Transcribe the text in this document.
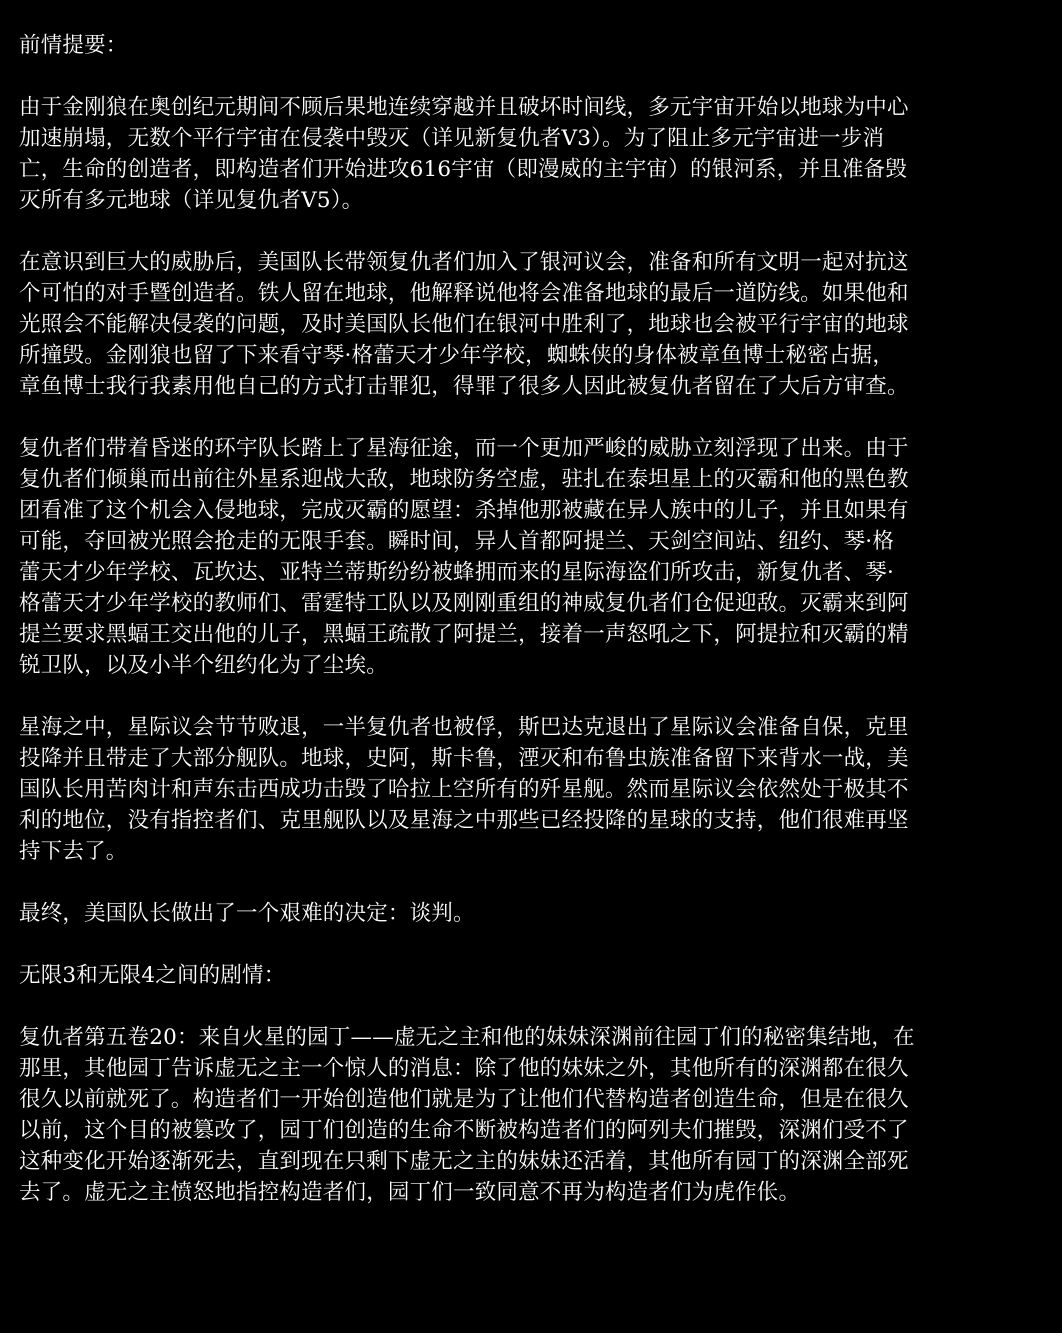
前情提要：
由于金刚狼在奥创纪元期间不顾后果地连续穿越并且破坏时间线，多元宇宙开始以地球为中心
加速崩塌，无数个平行宇宙在侵袭中毁灭（详见新复仇者V3）。为了阻止多元宇宙进一步消
亡，生命的创造者，即构造者们开始进攻616宇宙（即漫威的主宇宙）的银河系，并且准备毁
灭所有多元地球（详见复仇者V5）。
在意识到巨大的威胁后，美国队长带领复仇者们加入了银河议会，准备和所有文明一起对抗这
个可怕的对手暨创造者。铁人留在地球，他解释说他将会准备地球的最后一道防线。如果他和
光照会不能解决侵袭的问题，及时美国队长他们在银河中胜利了，地球也会被平行宇宙的地球
所撞毁。金刚狼也留了下来看守琴·格蕾天才少年学校，蜘蛛侠的身体被章鱼博士秘密占据，
章鱼博士我行我素用他自己的方式打击罪犯，得罪了很多人因此被复仇者留在了大后方审查。
复仇者们带着昏迷的环宇队长踏上了星海征途，而一个更加严峻的威胁立刻浮现了出来。由于
复仇者们倾巢而出前往外星系迎战大敌，地球防务空虚，驻扎在泰坦星上的灭霸和他的黑色教
团看准了这个机会入侵地球，完成灭霸的愿望：杀掉他那被藏在异人族中的儿子，并且如果有
可能，夺回被光照会抢走的无限手套。瞬时间，异人首都阿提兰、天剑空间站、纽约、琴·格
蕾天才少年学校、瓦坎达、亚特兰蒂斯纷纷被蜂拥而来的星际海盗们所攻击，新复仇者、琴·
格蕾天才少年学校的教师们、雷霆特工队以及刚刚重组的神威复仇者们仓促迎敌。灭霸来到阿
提兰要求黑蝠王交出他的儿子，黑蝠王疏散了阿提兰，接着一声怒吼之下，阿提拉和灭霸的精
锐卫队，以及小半个纽约化为了尘埃。
星海之中，星际议会节节败退，一半复仇者也被俘，斯巴达克退出了星际议会准备自保，克里
投降并且带走了大部分舰队。地球，史阿，斯卡鲁，湮灭和布鲁虫族准备留下来背水一战，美
国队长用苦肉计和声东击西成功击毁了哈拉上空所有的歼星舰。然而星际议会依然处于极其不
利的地位，没有指控者们、克里舰队以及星海之中那些已经投降的星球的支持，他们很难再坚
持下去了。
最终，美国队长做出了一个艰难的决定：谈判。
无限3和无限4之间的剧情：
复仇者第五卷20：来自火星的园丁——虚无之主和他的妹妹深渊前往园丁们的秘密集结地，在
那里，其他园丁告诉虚无之主一个惊人的消息：除了他的妹妹之外，其他所有的深渊都在很久
很久以前就死了。构造者们一开始创造他们就是为了让他们代替构造者创造生命，但是在很久
以前，这个目的被篡改了，园丁们创造的生命不断被构造者们的阿列夫们摧毁，深渊们受不了
这种变化开始逐渐死去，直到现在只剩下虚无之主的妹妹还活着，其他所有园丁的深渊全部死
去了。虚无之主愤怒地指控构造者们，园丁们一致同意不再为构造者们为虎作伥。
